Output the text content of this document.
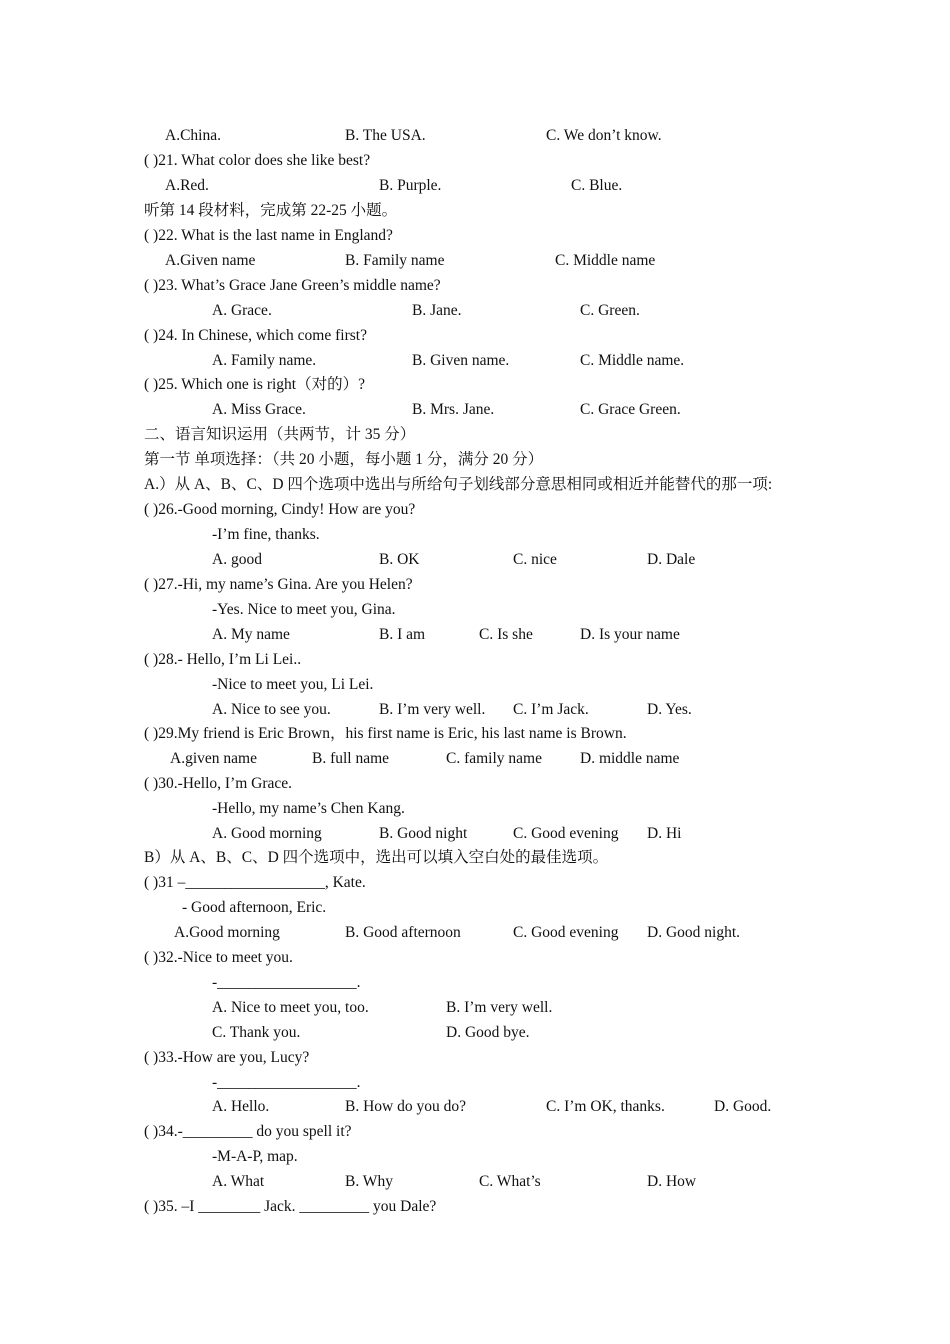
A.China.	B. The USA.	C. We don’t know.
( )21. What color does she like best?
A.Red.	B. Purple.	C. Blue.
听第 14 段材料，完成第 22-25 小题。
( )22. What is the last name in England?
A.Given name	B. Family name	C. Middle name
( )23. What’s Grace Jane Green’s middle name?
A. Grace.	B. Jane.	C. Green.
( )24. In Chinese, which come first?
A. Family name.	B. Given name.	C. Middle name.
( )25. Which one is right（对的）?
A. Miss Grace.	B. Mrs. Jane.	C. Grace Green.
二、语言知识运用（共两节，计 35 分）
第一节 单项选择：（共 20 小题，每小题 1 分，满分 20 分）
A.）从 A、B、C、D 四个选项中选出与所给句子划线部分意思相同或相近并能替代的那一项:
( )26.-Good morning, Cindy! How are you?
-I’m fine, thanks.
A. good	B. OK	C. nice	D. Dale
( )27.-Hi, my name’s Gina. Are you Helen?
-Yes. Nice to meet you, Gina.
A. My name	B. I am	C. Is she	D. Is your name
( )28.- Hello, I’m Li Lei..
-Nice to meet you, Li Lei.
A. Nice to see you.	B. I’m very well. C. I’m Jack.	D. Yes.
( )29.My friend is Eric Brown，his first name is Eric, his last name is Brown.
A.given name	B. full name	C. family name D. middle name
( )30.-Hello, I’m Grace.
-Hello, my name’s Chen Kang.
A. Good morning	B. Good night	C. Good evening D. Hi
B）从 A、B、C、D 四个选项中，选出可以填入空白处的最佳选项。
( )31 –__________________, Kate.
- Good afternoon, Eric.
A.Good morning	B. Good afternoon	C. Good evening D. Good night.
( )32.-Nice to meet you.
-__________________.
A. Nice to meet you, too.	B. I’m very well.
C. Thank you.	D. Good bye.
( )33.-How are you, Lucy?
-__________________.
A. Hello.	B. How do you do?	C. I’m OK, thanks.	D. Good.
( )34.-_________ do you spell it?
-M-A-P, map.
A. What	B. Why	C. What’s	D. How
( )35. –I ________ Jack. _________ you Dale?
